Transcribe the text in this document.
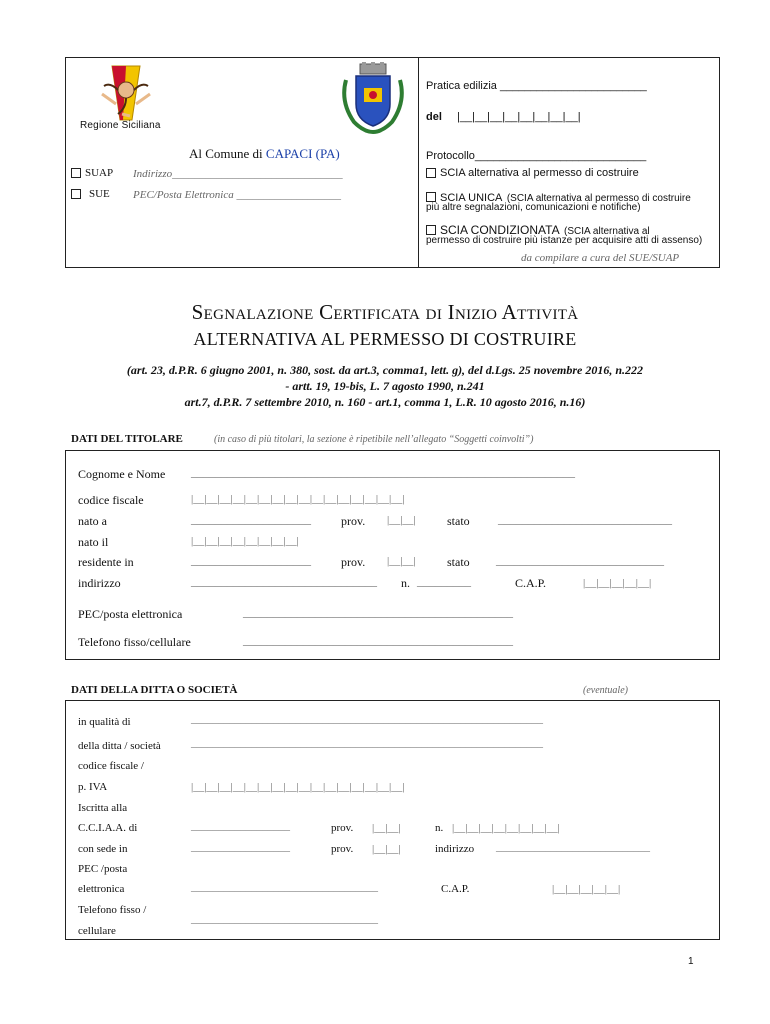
Regione Siciliana
Al Comune di CAPACI (PA)
SUAP Indirizzo_______________________________
SUE PEC/Posta Elettronica ___________________
Pratica edilizia ________________________
del |__|__|__|__|__|__|__|__|
Protocollo____________________________
SCIA alternativa al permesso di costruire
SCIA UNICA (SCIA alternativa al permesso di costruire
più altre segnalazioni, comunicazioni e notifiche)
SCIA CONDIZIONATA (SCIA alternativa al
permesso di costruire più istanze per acquisire atti di assenso)
da compilare a cura del SUE/SUAP
Segnalazione Certificata di Inizio Attività
ALTERNATIVA AL PERMESSO DI COSTRUIRE
(art. 23, d.P.R. 6 giugno 2001, n. 380, sost. da art.3, comma1, lett. g), del d.Lgs. 25 novembre 2016, n.222
- artt. 19, 19-bis, L. 7 agosto 1990, n.241
art.7, d.P.R. 7 settembre 2010, n. 160 - art.1, comma 1, L.R. 10 agosto 2016, n.16)
DATI DEL TITOLARE	(in caso di più titolari, la sezione è ripetibile nell’allegato “Soggetti coinvolti”)
Cognome e Nome ________________________________________________________________
codice fiscale	|__|__|__|__|__|__|__|__|__|__|__|__|__|__|__|__|
nato a	____________________	prov. |__|__|	stato _____________________________
nato il	|__|__|__|__|__|__|__|__|
residente in	____________________	prov. |__|__|	stato ____________________________
indirizzo	_______________________________ n. _________	C.A.P.	|__|__|__|__|__|
PEC/posta elettronica	_____________________________________________
Telefono fisso/cellulare	_____________________________________________
DATI DELLA DITTA O SOCIETÀ	(eventuale)
in qualità di	________________________________________________________________
della ditta / società	________________________________________________________________
codice fiscale /
p. IVA	|__|__|__|__|__|__|__|__|__|__|__|__|__|__|__|__|
Iscritta alla
C.C.I.A.A. di	__________________	prov. |__|__|	n. |__|__|__|__|__|__|__|__|
con sede in	__________________	prov. |__|__|	indirizzo ____________________________
PEC /posta
elettronica	__________________________________	C.A.P.	|__|__|__|__|__|
Telefono fisso /
__________________________________
cellulare
1
